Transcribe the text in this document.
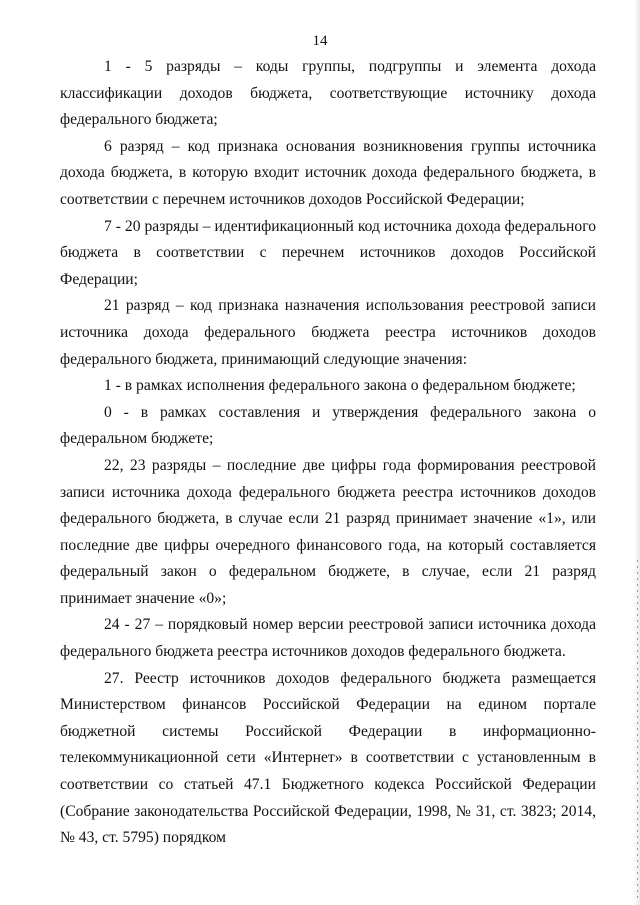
14

1 - 5 разряды – коды группы, подгруппы и элемента дохода классификации доходов бюджета, соответствующие источнику дохода федерального бюджета;

6 разряд – код признака основания возникновения группы источника дохода бюджета, в которую входит источник дохода федерального бюджета, в соответствии с перечнем источников доходов Российской Федерации;

7 - 20 разряды – идентификационный код источника дохода федерального бюджета в соответствии с перечнем источников доходов Российской Федерации;

21 разряд – код признака назначения использования реестровой записи источника дохода федерального бюджета реестра источников доходов федерального бюджета, принимающий следующие значения:

1 - в рамках исполнения федерального закона о федеральном бюджете;

0 - в рамках составления и утверждения федерального закона о федеральном бюджете;

22, 23 разряды – последние две цифры года формирования реестровой записи источника дохода федерального бюджета реестра источников доходов федерального бюджета, в случае если 21 разряд принимает значение «1», или последние две цифры очередного финансового года, на который составляется федеральный закон о федеральном бюджете, в случае, если 21 разряд принимает значение «0»;

24 - 27 – порядковый номер версии реестровой записи источника дохода федерального бюджета реестра источников доходов федерального бюджета.

27. Реестр источников доходов федерального бюджета размещается Министерством финансов Российской Федерации на едином портале бюджетной системы Российской Федерации в информационно-телекоммуникационной сети «Интернет» в соответствии с установленным в соответствии со статьей 47.1 Бюджетного кодекса Российской Федерации (Собрание законодательства Российской Федерации, 1998, № 31, ст. 3823; 2014, № 43, ст. 5795) порядком
